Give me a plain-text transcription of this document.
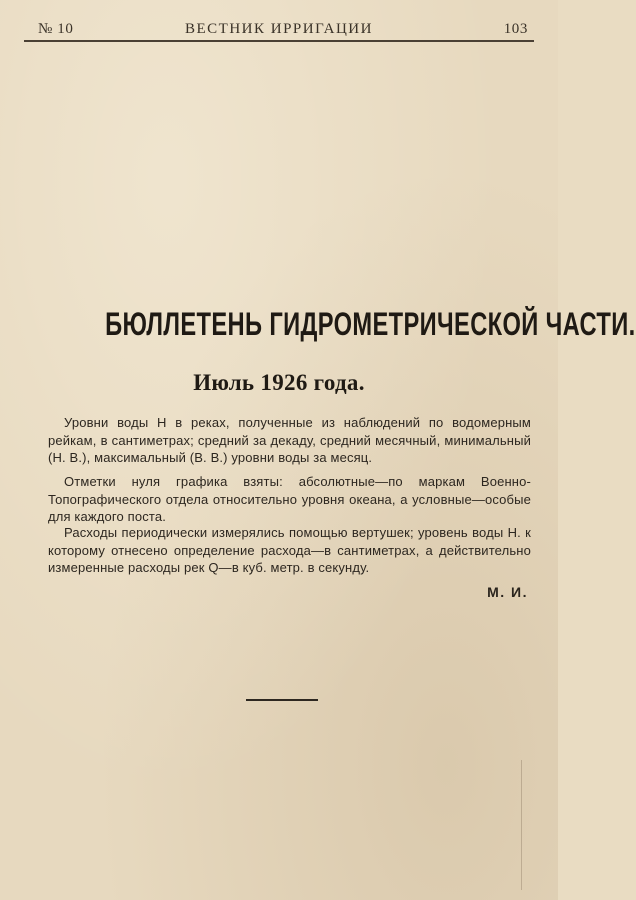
№ 10	ВЕСТНИК ИРРИГАЦИИ	103
БЮЛЛЕТЕНЬ ГИДРОМЕТРИЧЕСКОЙ ЧАСТИ.
Июль 1926 года.

Уровни воды Н в реках, полученные из наблюдений по водомерным рейкам, в сантиметрах; средний за декаду, средний месячный, минимальный (Н. В.), максимальный (В. В.) уровни воды за месяц.

Отметки нуля графика взяты: абсолютные—по маркам Военно-Топографического отдела относительно уровня океана, а условные—особые для каждого поста.

Расходы периодически измерялись помощью вертушек; уровень воды Н. к которому отнесено определение расхода—в сантиметрах, а действительно измеренные расходы рек Q—в куб. метр. в секунду.

М. И.
